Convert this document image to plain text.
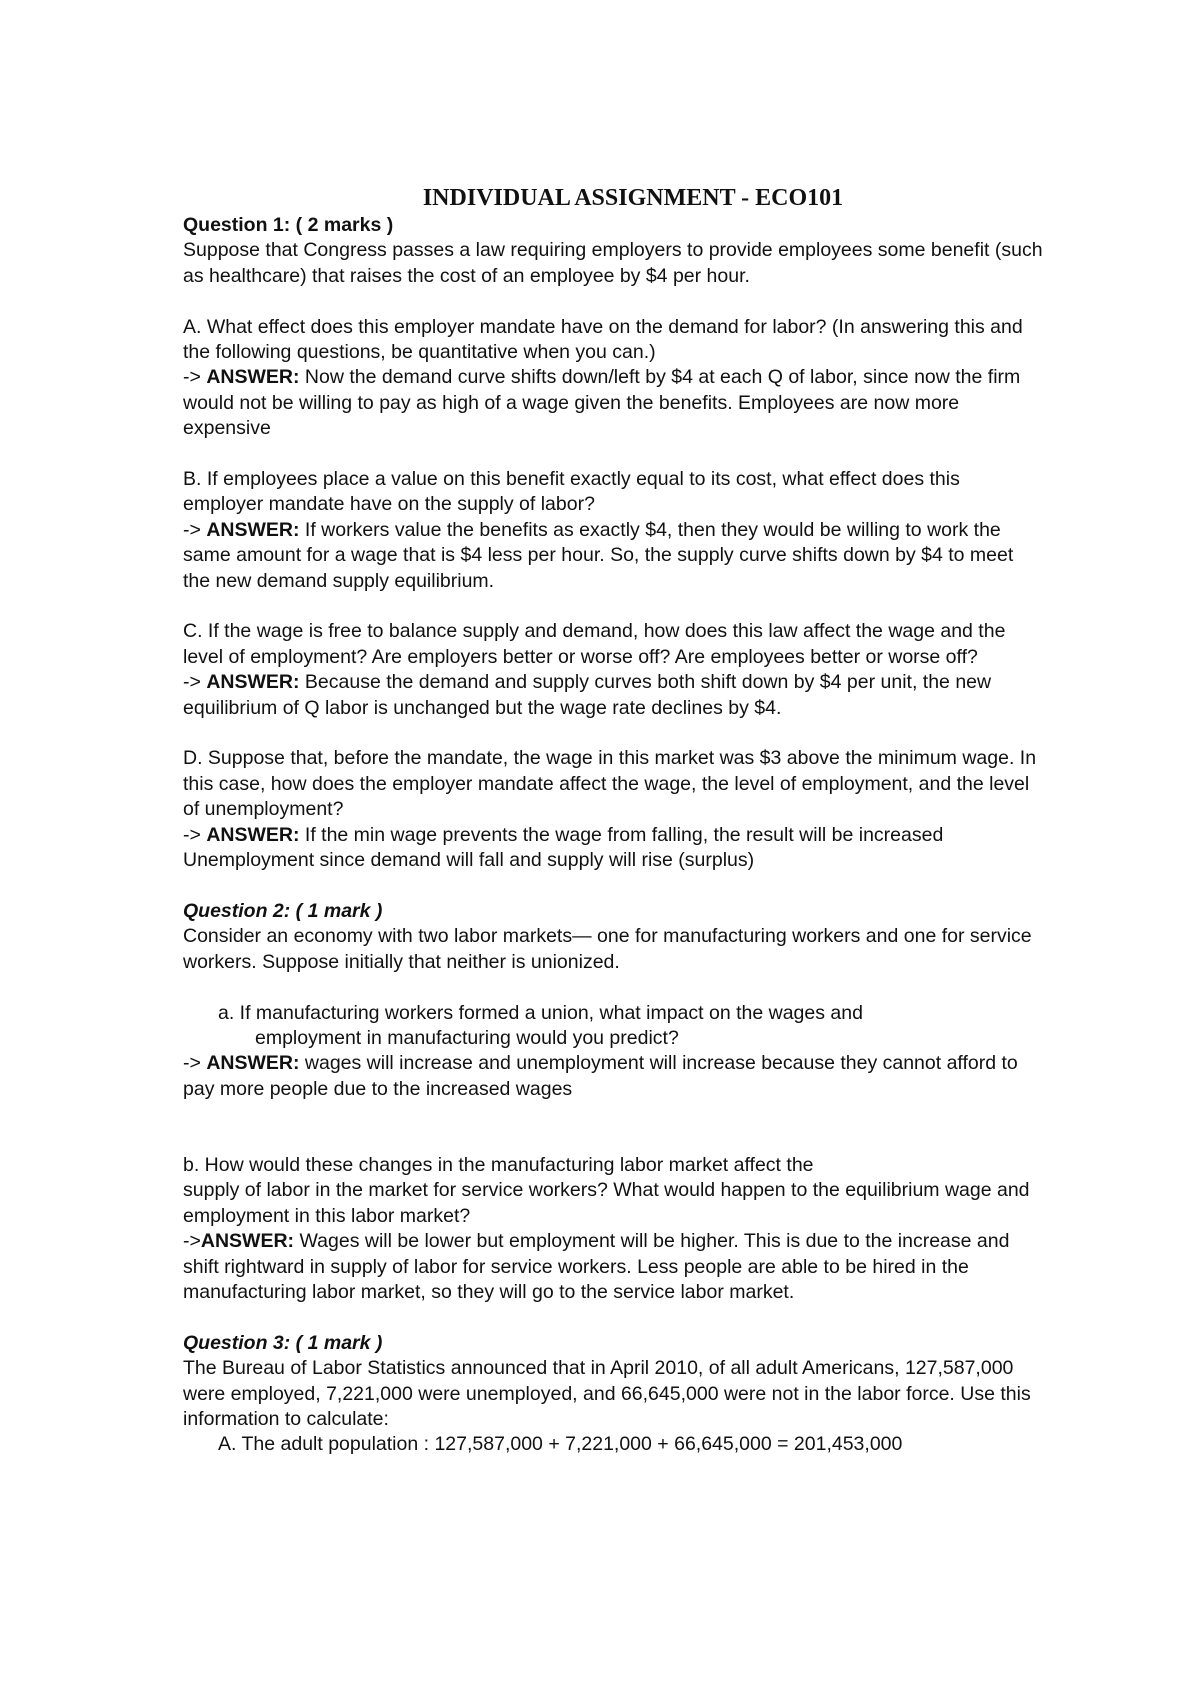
INDIVIDUAL ASSIGNMENT - ECO101

Question 1: ( 2 marks )

Suppose that Congress passes a law requiring employers to provide employees some benefit (such as healthcare) that raises the cost of an employee by $4 per hour.

A. What effect does this employer mandate have on the demand for labor? (In answering this and the following questions, be quantitative when you can.)

-> ANSWER: Now the demand curve shifts down/left by $4 at each Q of labor, since now the firm would not be willing to pay as high of a wage given the benefits. Employees are now more expensive

B. If employees place a value on this benefit exactly equal to its cost, what effect does this employer mandate have on the supply of labor?

-> ANSWER: If workers value the benefits as exactly $4, then they would be willing to work the same amount for a wage that is $4 less per hour. So, the supply curve shifts down by $4 to meet the new demand supply equilibrium.

C. If the wage is free to balance supply and demand, how does this law affect the wage and the level of employment? Are employers better or worse off? Are employees better or worse off?

-> ANSWER: Because the demand and supply curves both shift down by $4 per unit, the new equilibrium of Q labor is unchanged but the wage rate declines by $4.

D. Suppose that, before the mandate, the wage in this market was $3 above the minimum wage. In this case, how does the employer mandate affect the wage, the level of employment, and the level of unemployment?

-> ANSWER: If the min wage prevents the wage from falling, the result will be increased Unemployment since demand will fall and supply will rise (surplus)

Question 2: ( 1 mark )

Consider an economy with two labor markets— one for manufacturing workers and one for service workers. Suppose initially that neither is unionized.

a. If manufacturing workers formed a union, what impact on the wages and

employment in manufacturing would you predict?

-> ANSWER: wages will increase and unemployment will increase because they cannot afford to pay more people due to the increased wages

b. How would these changes in the manufacturing labor market affect the

supply of labor in the market for service workers? What would happen to the equilibrium wage and employment in this labor market?

->ANSWER: Wages will be lower but employment will be higher. This is due to the increase and shift rightward in supply of labor for service workers. Less people are able to be hired in the manufacturing labor market, so they will go to the service labor market.

Question 3: ( 1 mark )

The Bureau of Labor Statistics announced that in April 2010, of all adult Americans, 127,587,000 were employed, 7,221,000 were unemployed, and 66,645,000 were not in the labor force. Use this information to calculate:

A. The adult population : 127,587,000 + 7,221,000 + 66,645,000 = 201,453,000
